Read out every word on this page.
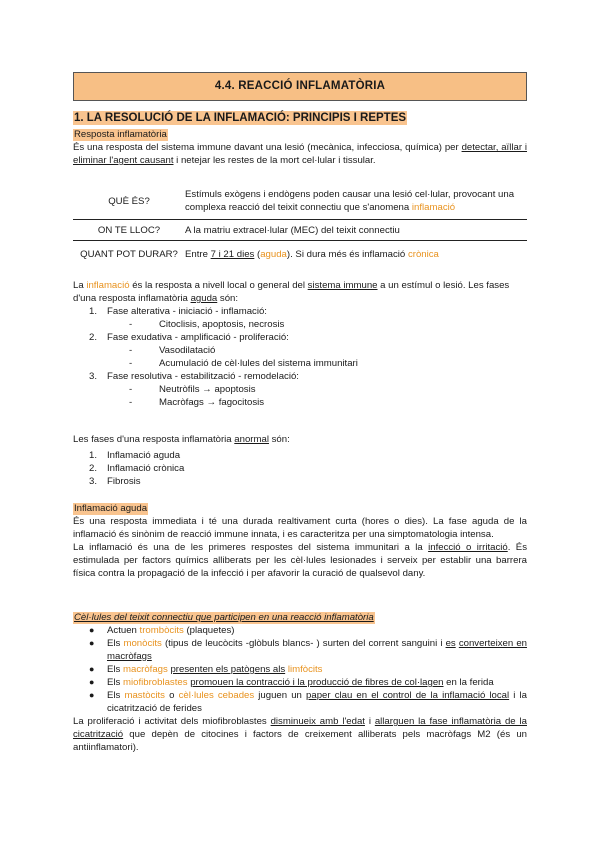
4.4. REACCIÓ INFLAMATÒRIA
1. LA RESOLUCIÓ DE LA INFLAMACIÓ: PRINCIPIS I REPTES
Resposta inflamatòria
És una resposta del sistema immune davant una lesió (mecànica, infecciosa, química) per detectar, aïllar i eliminar l'agent causant i netejar les restes de la mort cel·lular i tissular.
QUÈ ÉS?	Estímuls exògens i endògens poden causar una lesió cel·lular, provocant una complexa reacció del teixit connectiu que s'anomena inflamació
ON TE LLOC?	A la matriu extracel·lular (MEC) del teixit connectiu
QUANT POT DURAR?	Entre 7 i 21 dies (aguda). Si dura més és inflamació crònica
La inflamació és la resposta a nivell local o general del sistema immune a un estímul o lesió. Les fases d'una resposta inflamatòria aguda són:
1. Fase alterativa - iniciació - inflamació:
-	Citoclisis, apoptosis, necrosis
2. Fase exudativa - amplificació - proliferació:
-	Vasodilatació
-	Acumulació de cèl·lules del sistema immunitari
3. Fase resolutiva - estabilització - remodelació:
-	Neutròfils → apoptosis
-	Macròfags → fagocitosis
Les fases d'una resposta inflamatòria anormal són:
1. Inflamació aguda
2. Inflamació crònica
3. Fibrosis
Inflamació aguda
És una resposta immediata i té una durada realtivament curta (hores o dies). La fase aguda de la inflamació és sinònim de reacció immune innata, i es caracteritza per una simptomatologia intensa.
La inflamació és una de les primeres respostes del sistema immunitari a la infecció o irritació. És estimulada per factors químics alliberats per les cèl·lules lesionades i serveix per establir una barrera física contra la propagació de la infecció i per afavorir la curació de qualsevol dany.
Cèl·lules del teixit connectiu que participen en una reacció inflamatòria
● Actuen trombòcits (plaquetes)
● Els monòcits (tipus de leucòcits -glòbuls blancs- ) surten del corrent sanguini i es converteixen en macròfags
● Els macròfags presenten els patògens als limfòcits
● Els miofibroblastes promouen la contracció i la producció de fibres de col·lagen en la ferida
● Els mastòcits o cèl·lules cebades juguen un paper clau en el control de la inflamació local i la cicatrització de ferides
La proliferació i activitat dels miofibroblastes disminueix amb l'edat i allarguen la fase inflamatòria de la cicatrització que depèn de citocines i factors de creixement alliberats pels macròfags M2 (és un antiinflamatori).
